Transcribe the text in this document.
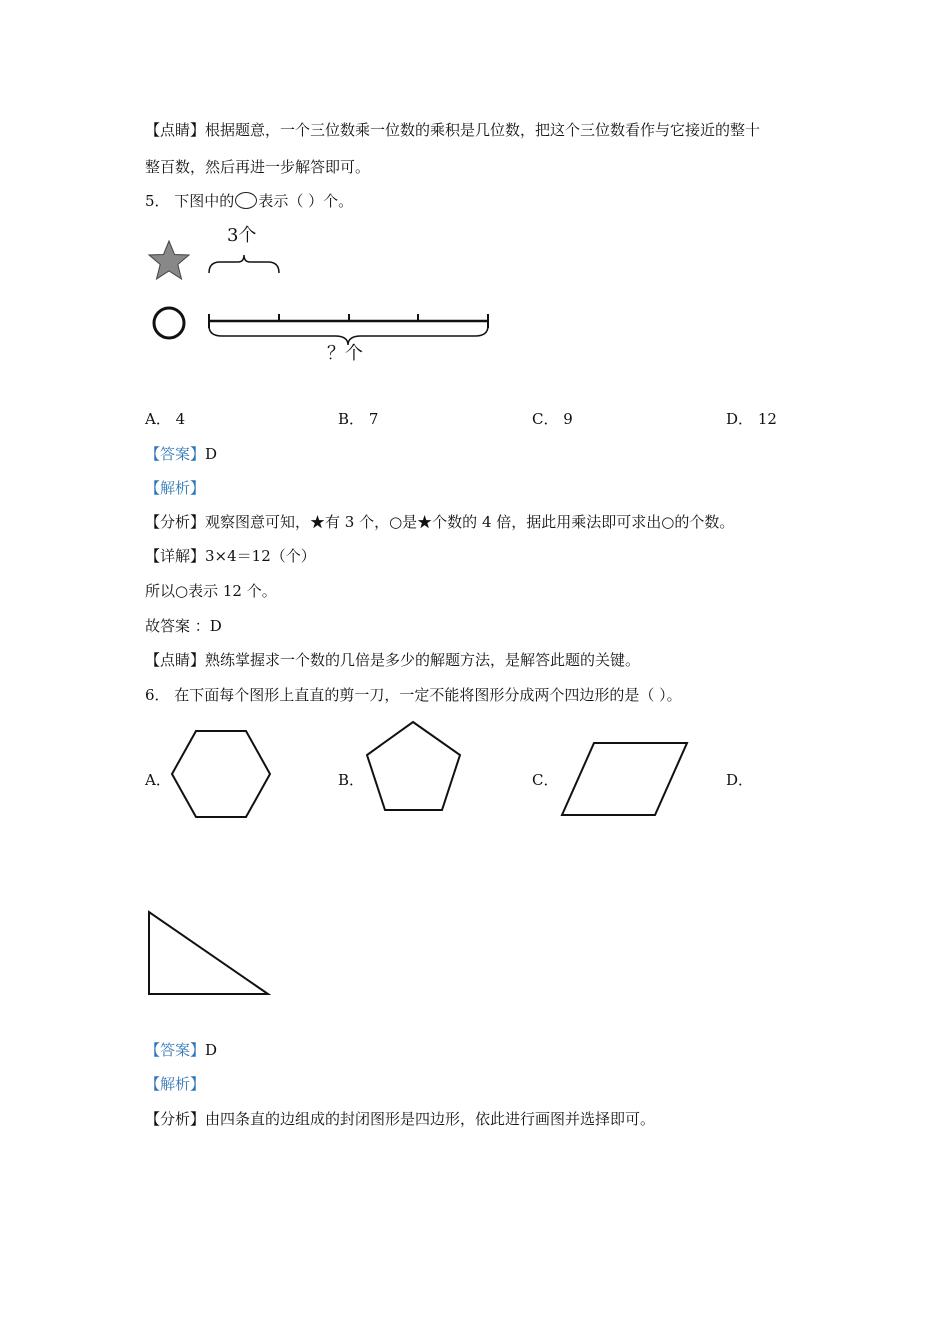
【点睛】根据题意，一个三位数乘一位数的乘积是几位数，把这个三位数看作与它接近的整十
整百数，然后再进一步解答即可。
5． 下图中的 表示（ ）个。
3个
？个
A． 4	B． 7	C． 9	D． 12
【答案】D
【解析】
【分析】观察图意可知，★有 3 个，○是★个数的 4 倍，据此用乘法即可求出○的个数。
【详解】3×4＝12（个）
所以○表示 12 个。
故答案 ：D
【点睛】熟练掌握求一个数的几倍是多少的解题方法，是解答此题的关键。
6． 在下面每个图形上直直的剪一刀，一定不能将图形分成两个四边形的是（ ）。
A．	B．	C．	D．
【答案】D
【解析】
【分析】由四条直的边组成的封闭图形是四边形，依此进行画图并选择即可。
